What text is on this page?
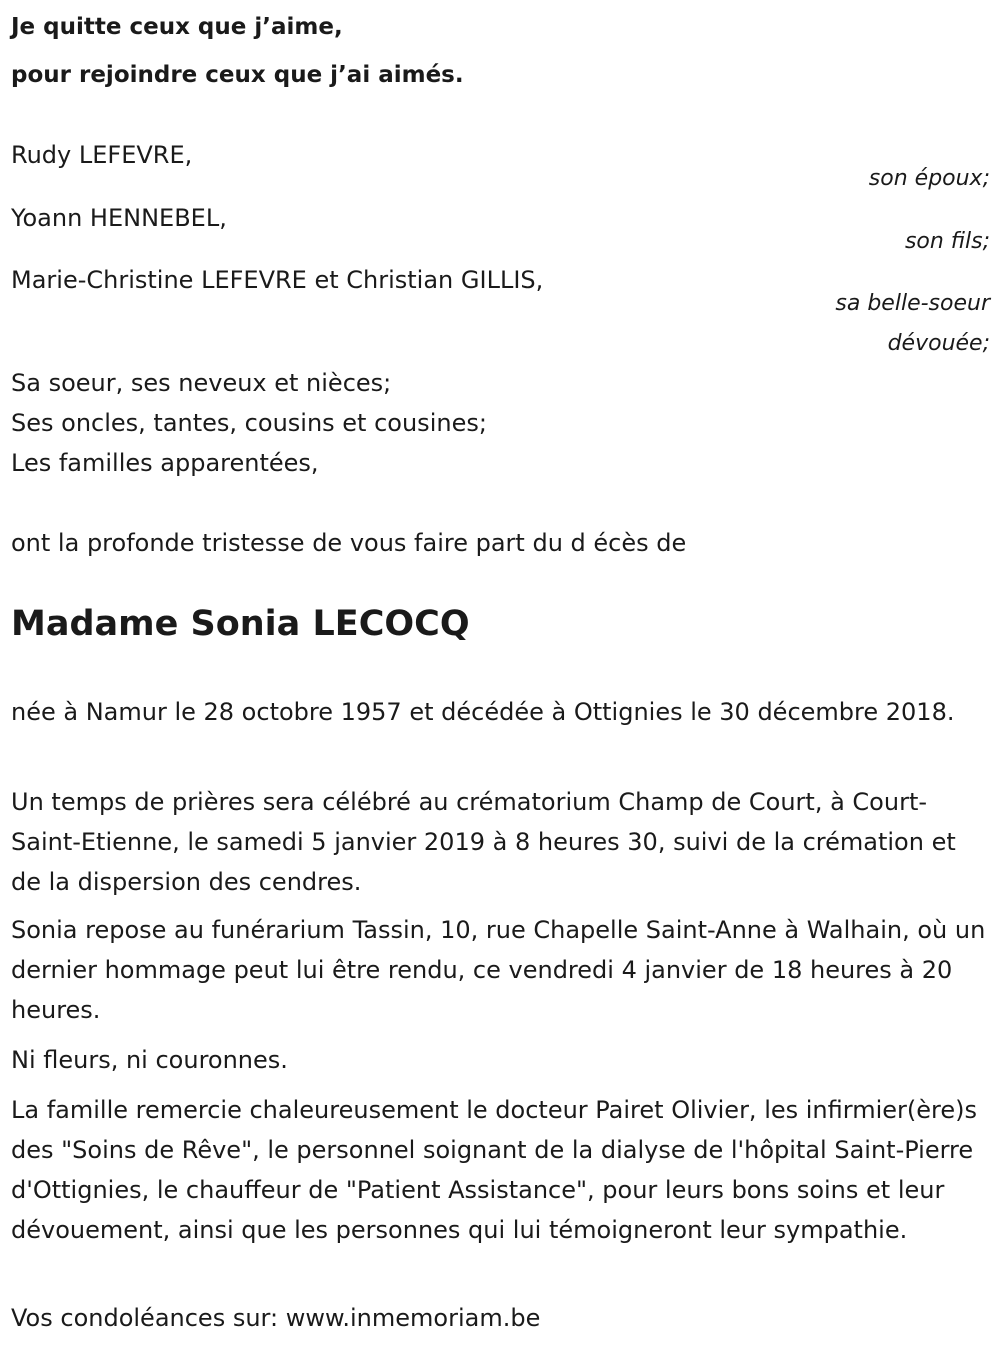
Je quitte ceux que j’aime,
pour rejoindre ceux que j’ai aimés.
Rudy LEFEVRE,
son époux;
Yoann HENNEBEL,
son fils;
Marie-Christine LEFEVRE et Christian GILLIS,
sa belle-soeur
dévouée;
Sa soeur, ses neveux et nièces;
Ses oncles, tantes, cousins et cousines;
Les familles apparentées,
ont la profonde tristesse de vous faire part du d écès de
Madame Sonia LECOCQ
née à Namur le 28 octobre 1957 et décédée à Ottignies le 30 décembre 2018.
Un temps de prières sera célébré au crématorium Champ de Court, à Court-Saint-Etienne, le samedi 5 janvier 2019 à 8 heures 30, suivi de la crémation et de la dispersion des cendres.
Sonia repose au funérarium Tassin, 10, rue Chapelle Saint-Anne à Walhain, où un dernier hommage peut lui être rendu, ce vendredi 4 janvier de 18 heures à 20 heures.
Ni fleurs, ni couronnes.
La famille remercie chaleureusement le docteur Pairet Olivier, les infirmier(ère)s des "Soins de Rêve", le personnel soignant de la dialyse de l'hôpital Saint-Pierre d'Ottignies, le chauffeur de "Patient Assistance", pour leurs bons soins et leur dévouement, ainsi que les personnes qui lui témoigneront leur sympathie.
Vos condoléances sur: www.inmemoriam.be
